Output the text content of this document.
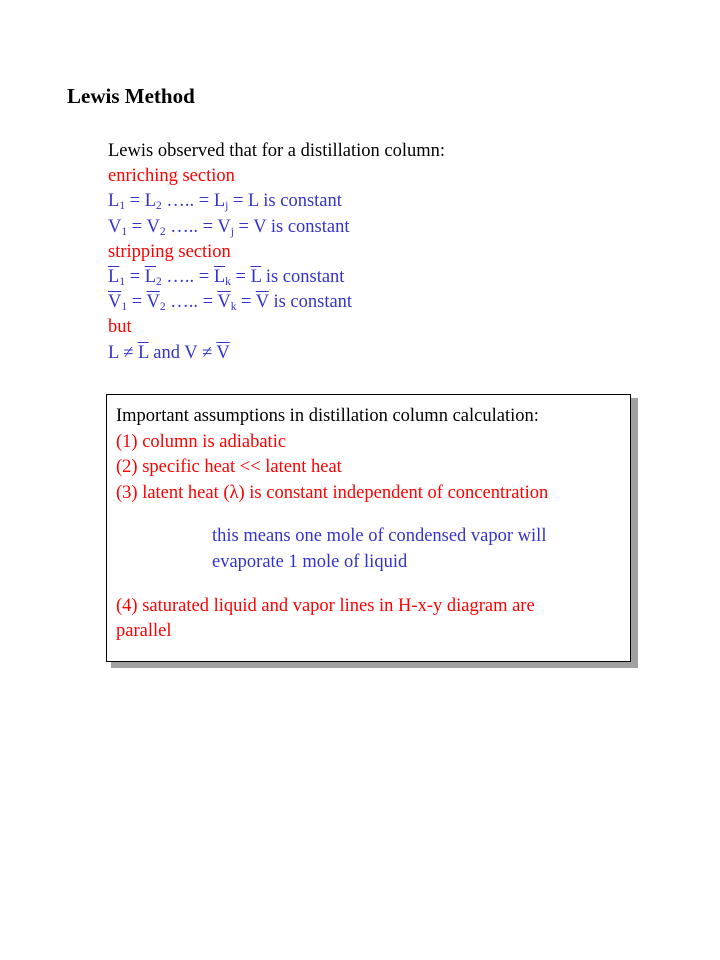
Lewis Method
Lewis observed that for a distillation column:
enriching section
$L_1 = L_2$ ….. = $L_j = L$ is constant
$V_1 = V_2$ ….. = $V_j = V$ is constant
stripping section
$\overline{L}_1 = \overline{L}_2$ ….. = $\overline{L}_k = \overline{L}$ is constant
$\overline{V}_1 = \overline{V}_2$ ….. = $\overline{V}_k = \overline{V}$ is constant
but
$L \ne \overline{L}$ and $V \ne \overline{V}$
Important assumptions in distillation column calculation:
(1) column is adiabatic
(2) specific heat << latent heat
(3) latent heat (λ) is constant independent of concentration
this means one mole of condensed vapor will
evaporate 1 mole of liquid
(4) saturated liquid and vapor lines in H-x-y diagram are
parallel
